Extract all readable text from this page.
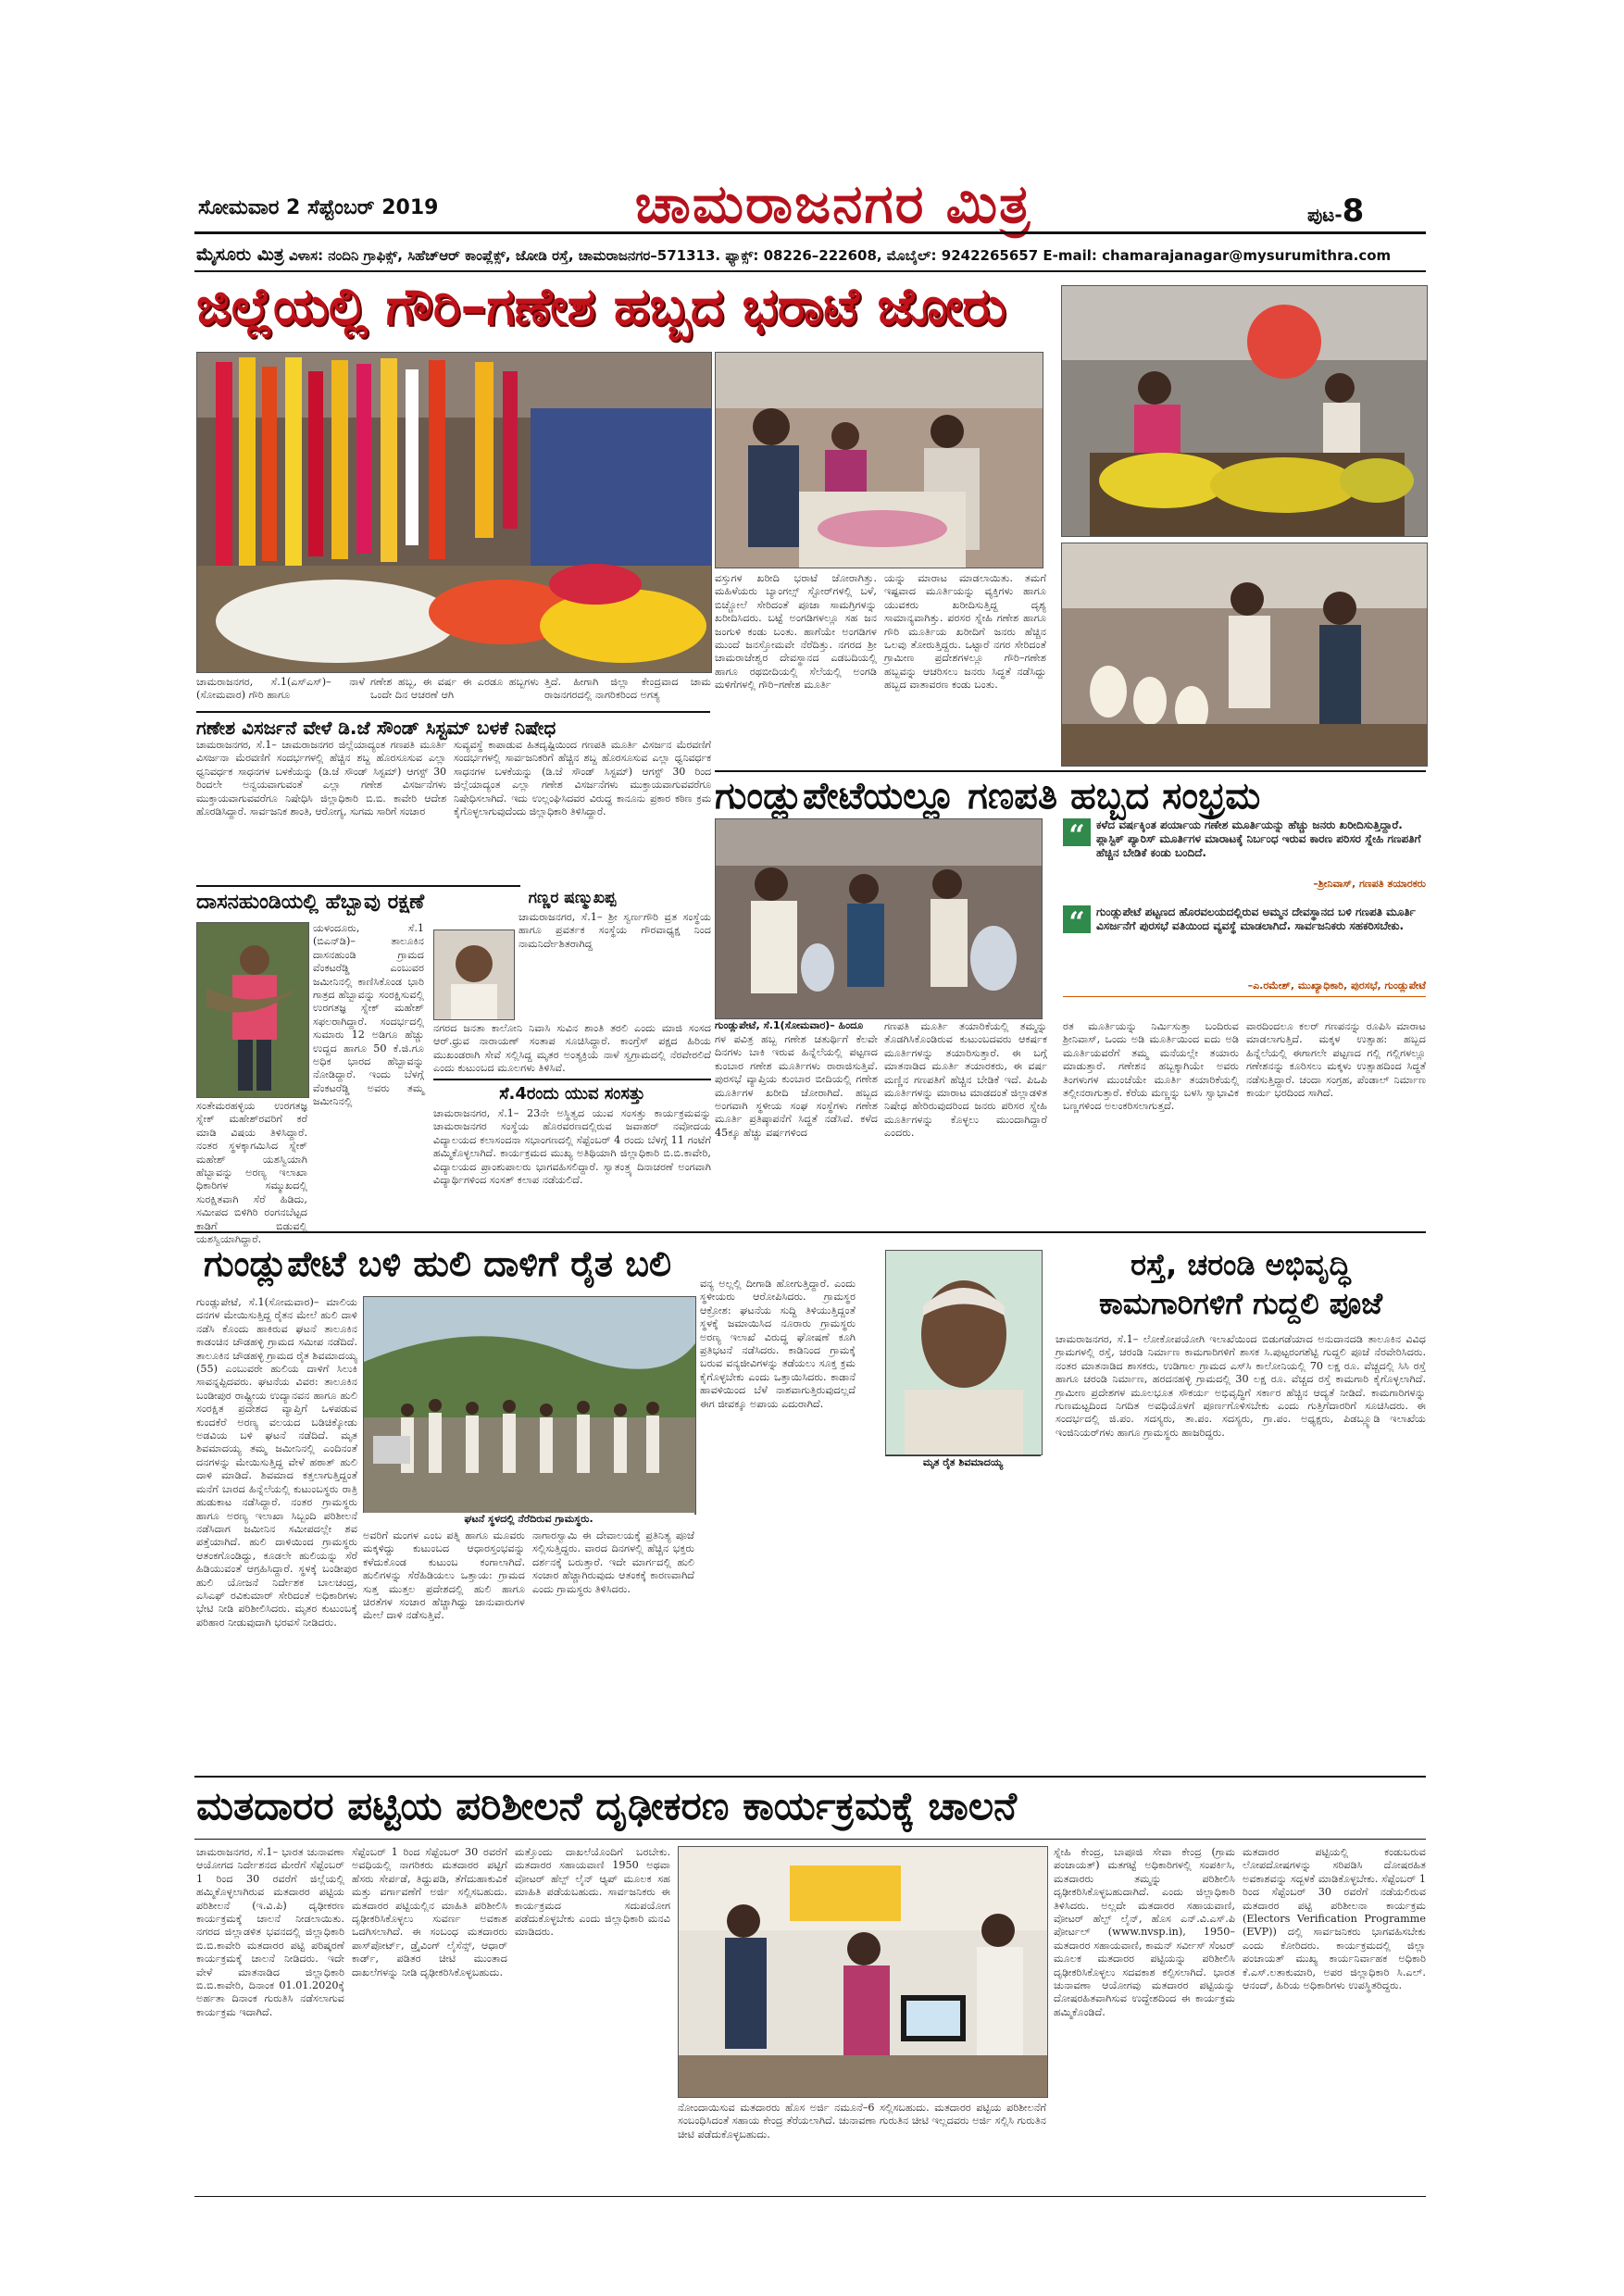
ಸೋಮವಾರ 2 ಸೆಪ್ಟೆಂಬರ್ 2019	ಚಾಮರಾಜನಗರ ಮಿತ್ರ	ಪುಟ-8
ಮೈಸೂರು ಮಿತ್ರ ವಿಳಾಸ: ನಂದಿನಿ ಗ್ರಾಫಿಕ್ಸ್, ಸಿಹೆಚ್‌ಆರ್ ಕಾಂಪ್ಲೆಕ್ಸ್, ಜೋಡಿ ರಸ್ತೆ, ಚಾಮರಾಜನಗರ–571313. ಫ್ಯಾಕ್ಸ್: 08226–222608, ಮೊಬೈಲ್: 9242265657 E-mail: chamarajanagar@mysurumithra.com
ಜಿಲ್ಲೆಯಲ್ಲಿ ಗೌರಿ–ಗಣೇಶ ಹಬ್ಬದ ಭರಾಟೆ ಜೋರು
ಚಾಮರಾಜನಗರ, ಸೆ.1(ಎಸ್‌ಎಸ್)– ನಾಳೆ (ಸೋಮವಾರ) ಗೌರಿ ಹಾಗೂ
ಗಣೇಶ ಹಬ್ಬ, ಈ ವರ್ಷ ಈ ಎರಡೂ ಹಬ್ಬಗಳು ಒಂದೇ ದಿನ ಆಚರಣೆ ಆಗಿ
ತ್ತಿದೆ. ಹೀಗಾಗಿ ಜಿಲ್ಲಾ ಕೇಂದ್ರವಾದ ಚಾಮ ರಾಜನಗರದಲ್ಲಿ ನಾಗರಿಕರಿಂದ ಅಗತ್ಯ
ವಸ್ತುಗಳ ಖರೀದಿ ಭರಾಟೆ ಜೋರಾಗಿತ್ತು. ಮಹಿಳೆಯರು ಬ್ಯಾಂಗಲ್ಸ್ ಸ್ಟೋರ್‌ಗಳಲ್ಲಿ ಬಳೆ, ಬಿಚ್ಚೋಲೆ ಸೇರಿದಂತೆ ಪೂಜಾ ಸಾಮಗ್ರಿಗಳನ್ನು ಖರೀದಿಸಿದರು. ಬಟ್ಟೆ ಅಂಗಡಿಗಳಲ್ಲೂ ಸಹ ಜನ ಜಂಗುಳಿ ಕಂಡು ಬಂತು. ಹಾಗೆಯೇ ಅಂಗಡಿಗಳ ಮುಂದೆ ಜನಸ್ತೋಮವೇ ನೆರೆದಿತ್ತು. ನಗರದ ಶ್ರೀ ಚಾಮರಾಜೇಶ್ವರ ದೇವಸ್ಥಾನದ ಎಡಬದಿಯಲ್ಲಿ ಹಾಗೂ ರಥಬೀದಿಯಲ್ಲಿ ಸೆಲೆಯಲ್ಲಿ ಅಂಗಡಿ ಮಳಿಗೆಗಳಲ್ಲಿ ಗೌರಿ–ಗಣೇಶ ಮೂರ್ತಿ
ಯನ್ನು ಮಾರಾಟ ಮಾಡಲಾಯಿತು. ತಮಗೆ ಇಷ್ಟವಾದ ಮೂರ್ತಿಯನ್ನು ವ್ಯಕ್ತಿಗಳು ಹಾಗೂ ಯುವಕರು ಖರೀದಿಸುತ್ತಿದ್ದ ದೃಶ್ಯ ಸಾಮಾನ್ಯವಾಗಿತ್ತು. ಪರಸರ ಸ್ನೇಹಿ ಗಣೇಶ ಹಾಗೂ ಗೌರಿ ಮೂರ್ತಿಯ ಖರೀದಿಗೆ ಜನರು ಹೆಚ್ಚಿನ ಒಲವು ತೋರುತ್ತಿದ್ದರು. ಒಟ್ಟಾರೆ ನಗರ ಸೇರಿದಂತೆ ಗ್ರಾಮೀಣ ಪ್ರದೇಶಗಳಲ್ಲೂ ಗೌರಿ–ಗಣೇಶ ಹಬ್ಬವನ್ನು ಆಚರಿಸಲು ಜನರು ಸಿದ್ಧತೆ ನಡೆಸಿದ್ದು ಹಬ್ಬದ ವಾತಾವರಣ ಕಂಡು ಬಂತು.
ಗಣೇಶ ವಿಸರ್ಜನೆ ವೇಳೆ ಡಿ.ಜೆ ಸೌಂಡ್ ಸಿಸ್ಟಮ್ ಬಳಕೆ ನಿಷೇಧ
ಚಾಮರಾಜನಗರ, ಸೆ.1– ಚಾಮರಾಜನಗರ ಜಿಲ್ಲೆಯಾದ್ಯಂತ ಗಣಪತಿ ಮೂರ್ತಿ ವಿಸರ್ಜನಾ ಮೆರವಣಿಗೆ ಸಂದರ್ಭಗಳಲ್ಲಿ ಹೆಚ್ಚಿನ ಶಬ್ದ ಹೊರಸೂಸುವ ಎಲ್ಲಾ ಧ್ವನಿವರ್ಧಕ ಸಾಧನಗಳ ಬಳಕೆಯನ್ನು (ಡಿ.ಜೆ ಸೌಂಡ್ ಸಿಸ್ಟಮ್) ಆಗಸ್ಟ್ 30 ರಿಂದಲೇ ಅನ್ವಯವಾಗುವಂತೆ ಎಲ್ಲಾ ಗಣೇಶ ವಿಸರ್ಜನೆಗಳು ಮುಕ್ತಾಯವಾಗುವವರೆಗೂ ನಿಷೇಧಿಸಿ ಜಿಲ್ಲಾಧಿಕಾರಿ ಬಿ.ಬಿ. ಕಾವೇರಿ ಆದೇಶ ಹೊರಡಿಸಿದ್ದಾರೆ. ಸಾರ್ವಜನಿಕ ಶಾಂತಿ, ಆರೋಗ್ಯ, ಸುಗಮ ಸಾರಿಗೆ ಸಂಚಾರ
ಸುವ್ಯವಸ್ಥೆ ಕಾಪಾಡುವ ಹಿತದೃಷ್ಟಿಯಿಂದ ಗಣಪತಿ ಮೂರ್ತಿ ವಿಸರ್ಜನ ಮೆರವಣಿಗೆ ಸಂದರ್ಭಗಳಲ್ಲಿ ಸಾರ್ವಜನಿಕರಿಗೆ ಹೆಚ್ಚಿನ ಶಬ್ದ ಹೊರಸೂಸುವ ಎಲ್ಲಾ ಧ್ವನಿವರ್ಧಕ ಸಾಧನಗಳ ಬಳಕೆಯನ್ನು (ಡಿ.ಜೆ ಸೌಂಡ್ ಸಿಸ್ಟಮ್) ಆಗಸ್ಟ್ 30 ರಿಂದ ಜಿಲ್ಲೆಯಾದ್ಯಂತ ಎಲ್ಲಾ ಗಣೇಶ ವಿಸರ್ಜನೆಗಳು ಮುಕ್ತಾಯವಾಗುವವರೆಗೂ ನಿಷೇಧಿಸಲಾಗಿದೆ. ಇದು ಉಲ್ಲಂಘಿಸಿದವರ ವಿರುದ್ಧ ಕಾನೂನು ಪ್ರಕಾರ ಕಠಿಣ ಕ್ರಮ ಕೈಗೊಳ್ಳಲಾಗುವುದೆಂದು ಜಿಲ್ಲಾಧಿಕಾರಿ ತಿಳಿಸಿದ್ದಾರೆ.	ಗುಂಡ್ಲುಪೇಟೆಯಲ್ಲೂ ಗಣಪತಿ ಹಬ್ಬದ ಸಂಭ್ರಮ
ಗುಂಡ್ಲುಪೇಟೆ, ಸೆ.1(ಸೋಮವಾರ)– ಹಿಂದೂ
“	ಕಳೆದ ವರ್ಷಕ್ಕಿಂತ ಪರ್ಯಾಯ ಗಣೇಶ ಮೂರ್ತಿಯನ್ನು ಹೆಚ್ಚು ಜನರು ಖರೀದಿಸುತ್ತಿದ್ದಾರೆ. ಪ್ಲಾಸ್ಟಿಕ್ ಪ್ಯಾರಿಸ್ ಮೂರ್ತಿಗಳ ಮಾರಾಟಕ್ಕೆ ನಿರ್ಬಂಧ ಇರುವ ಕಾರಣ ಪರಿಸರ ಸ್ನೇಹಿ ಗಣಪತಿಗೆ ಹೆಚ್ಚಿನ ಬೇಡಿಕೆ ಕಂಡು ಬಂದಿದೆ.
–ಶ್ರೀನಿವಾಸ್, ಗಣಪತಿ ತಯಾರಕರು
“	ಗುಂಡ್ಲುಪೇಟೆ ಪಟ್ಟಣದ ಹೊರವಲಯದಲ್ಲಿರುವ ಅಮ್ಮನ ದೇವಸ್ಥಾನದ ಬಳಿ ಗಣಪತಿ ಮೂರ್ತಿ ವಿಸರ್ಜನೆಗೆ ಪುರಸಭೆ ವತಿಯಿಂದ ವ್ಯವಸ್ಥೆ ಮಾಡಲಾಗಿದೆ. ಸಾರ್ವಜನಿಕರು ಸಹಕರಿಸಬೇಕು.
–ಎ.ರಮೇಶ್, ಮುಖ್ಯಾಧಿಕಾರಿ, ಪುರಸಭೆ, ಗುಂಡ್ಲುಪೇಟೆ
ಗಳ ಪವಿತ್ರ ಹಬ್ಬ ಗಣೇಶ ಚತುರ್ಥಿಗೆ ಕೆಲವೇ ದಿನಗಳು ಬಾಕಿ ಇರುವ ಹಿನ್ನೆಲೆಯಲ್ಲಿ ಪಟ್ಟಣದ ಕುಂಬಾರ ಗಣೇಶ ಮೂರ್ತಿಗಳು ರಾರಾಜಿಸುತ್ತಿವೆ. ಪುರಸಭೆ ವ್ಯಾಪ್ತಿಯ ಕುಂಬಾರ ಬೀದಿಯಲ್ಲಿ ಗಣೇಶ ಮೂರ್ತಿಗಳ ಖರೀದಿ ಜೋರಾಗಿದೆ. ಹಬ್ಬದ ಅಂಗವಾಗಿ ಸ್ಥಳೀಯ ಸಂಘ ಸಂಸ್ಥೆಗಳು ಗಣೇಶ ಮೂರ್ತಿ ಪ್ರತಿಷ್ಠಾಪನೆಗೆ ಸಿದ್ಧತೆ ನಡೆಸಿವೆ. ಕಳೆದ 45ಕ್ಕೂ ಹೆಚ್ಚು ವರ್ಷಗಳಿಂದ
ಗಣಪತಿ ಮೂರ್ತಿ ತಯಾರಿಕೆಯಲ್ಲಿ ತಮ್ಮನ್ನು ತೊಡಗಿಸಿಕೊಂಡಿರುವ ಕುಟುಂಬದವರು ಆಕರ್ಷಕ ಮೂರ್ತಿಗಳನ್ನು ತಯಾರಿಸುತ್ತಾರೆ. ಈ ಬಗ್ಗೆ ಮಾತನಾಡಿದ ಮೂರ್ತಿ ತಯಾರಕರು, ಈ ವರ್ಷ ಮಣ್ಣಿನ ಗಣಪತಿಗೆ ಹೆಚ್ಚಿನ ಬೇಡಿಕೆ ಇದೆ. ಪಿಒಪಿ ಮೂರ್ತಿಗಳನ್ನು ಮಾರಾಟ ಮಾಡದಂತೆ ಜಿಲ್ಲಾಡಳಿತ ನಿಷೇಧ ಹೇರಿರುವುದರಿಂದ ಜನರು ಪರಿಸರ ಸ್ನೇಹಿ ಮೂರ್ತಿಗಳನ್ನು ಕೊಳ್ಳಲು ಮುಂದಾಗಿದ್ದಾರೆ ಎಂದರು.
ರತ ಮೂರ್ತಿಯನ್ನು ನಿರ್ಮಿಸುತ್ತಾ ಬಂದಿರುವ ಶ್ರೀನಿವಾಸ್, ಒಂದು ಅಡಿ ಮೂರ್ತಿಯಿಂದ ಐದು ಅಡಿ ಮೂರ್ತಿಯವರೆಗೆ ತಮ್ಮ ಮನೆಯಲ್ಲೇ ತಯಾರು ಮಾಡುತ್ತಾರೆ. ಗಣೇಶನ ಹಬ್ಬಕ್ಕಾಗಿಯೇ ಅವರು ತಿಂಗಳುಗಳ ಮುಂಚೆಯೇ ಮೂರ್ತಿ ತಯಾರಿಕೆಯಲ್ಲಿ ತಲ್ಲೀನರಾಗುತ್ತಾರೆ. ಕೆರೆಯ ಮಣ್ಣನ್ನು ಬಳಸಿ ಸ್ವಾಭಾವಿಕ ಬಣ್ಣಗಳಿಂದ ಅಲಂಕರಿಸಲಾಗುತ್ತದೆ.
ವಾರದಿಂದಲೂ ಕಲರ್ ಗಣಪನನ್ನು ರೂಪಿಸಿ ಮಾರಾಟ ಮಾಡಲಾಗುತ್ತಿದೆ. ಮಕ್ಕಳ ಉತ್ಸಾಹ: ಹಬ್ಬದ ಹಿನ್ನೆಲೆಯಲ್ಲಿ ಈಗಾಗಲೇ ಪಟ್ಟಣದ ಗಲ್ಲಿ ಗಲ್ಲಿಗಳಲ್ಲೂ ಗಣೇಶನನ್ನು ಕೂರಿಸಲು ಮಕ್ಕಳು ಉತ್ಸಾಹದಿಂದ ಸಿದ್ಧತೆ ನಡೆಸುತ್ತಿದ್ದಾರೆ. ಚಂದಾ ಸಂಗ್ರಹ, ಪೆಂಡಾಲ್ ನಿರ್ಮಾಣ ಕಾರ್ಯ ಭರದಿಂದ ಸಾಗಿದೆ.
ದಾಸನಹುಂಡಿಯಲ್ಲಿ ಹೆಬ್ಬಾವು ರಕ್ಷಣೆ
ಯಳಂದೂರು, ಸೆ.1 (ಬಿಎನ್‌ಡಿ)– ತಾಲೂಕಿನ ದಾಸನಹುಂಡಿ ಗ್ರಾಮದ ವೆಂಕಟರೆಡ್ಡಿ ಎಂಬುವರ ಜಮೀನಿನಲ್ಲಿ ಕಾಣಿಸಿಕೊಂಡ ಭಾರಿ ಗಾತ್ರದ ಹೆಬ್ಬಾವನ್ನು ಸಂರಕ್ಷಿಸುವಲ್ಲಿ ಉರಗತಜ್ಞ ಸ್ನೇಕ್ ಮಹೇಶ್ ಸಫಲರಾಗಿದ್ದಾರೆ. ಸಂದರ್ಭದಲ್ಲಿ ಸುಮಾರು 12 ಅಡಿಗೂ ಹೆಚ್ಚು ಉದ್ದದ ಹಾಗೂ 50 ಕೆ.ಜಿ.ಗೂ ಅಧಿಕ ಭಾರದ ಹೆಬ್ಬಾವನ್ನು ನೋಡಿದ್ದಾರೆ. ಇಂದು ಬೆಳಗ್ಗೆ ವೆಂಕಟರೆಡ್ಡಿ ಅವರು ತಮ್ಮ ಜಮೀನಿನಲ್ಲಿ
ಸಂತೇಮರಹಳ್ಳಿಯ ಉರಗತಜ್ಞ ಸ್ನೇಕ್ ಮಹೇಶ್‌ರವರಿಗೆ ಕರೆ ಮಾಡಿ ವಿಷಯ ತಿಳಿಸಿದ್ದಾರೆ. ನಂತರ ಸ್ಥಳಕ್ಕಾಗಮಿಸಿದ ಸ್ನೇಕ್ ಮಹೇಶ್ ಯಶಸ್ವಿಯಾಗಿ ಹೆಬ್ಬಾವನ್ನು ಅರಣ್ಯ ಇಲಾಖಾ ಧಿಕಾರಿಗಳ ಸಮ್ಮುಖದಲ್ಲಿ ಸುರಕ್ಷಿತವಾಗಿ ಸೆರೆ ಹಿಡಿದು, ಸಮೀಪದ ಬಿಳಿಗಿರಿ ರಂಗನಬೆಟ್ಟದ ಕಾಡಿಗೆ ಬಿಡುವಲ್ಲಿ ಯಶಸ್ವಿಯಾಗಿದ್ದಾರೆ.
ಗಣ್ಣರ ಷಣ್ಮುಖಪ್ಪ
ಚಾಮರಾಜನಗರ, ಸೆ.1– ಶ್ರೀ ಸ್ವರ್ಣಗೌರಿ ವ್ರತ ಸಂಸ್ಥೆಯ ಹಾಗೂ ಪ್ರವರ್ತಕ ಸಂಸ್ಥೆಯ ಗೌರವಾಧ್ಯಕ್ಷ ನಿಂದ ನಾಮನಿರ್ದೇಶಿತರಾಗಿದ್ದ
ನಗರದ ಜನತಾ ಕಾಲೋನಿ ನಿವಾಸಿ ಸುವಿನ ಶಾಂತಿ ತರಲಿ ಎಂದು ಮಾಜಿ ಸಂಸದ ಆರ್.ಧ್ರುವ ನಾರಾಯಣ್ ಸಂತಾಪ ಸೂಚಿಸಿದ್ದಾರೆ. ಕಾಂಗ್ರೆಸ್ ಪಕ್ಷದ ಹಿರಿಯ ಮುಖಂಡರಾಗಿ ಸೇವೆ ಸಲ್ಲಿಸಿದ್ದ ಮೃತರ ಅಂತ್ಯಕ್ರಿಯೆ ನಾಳೆ ಸ್ವಗ್ರಾಮದಲ್ಲಿ ನೆರವೇರಲಿದೆ ಎಂದು ಕುಟುಂಬದ ಮೂಲಗಳು ತಿಳಿಸಿವೆ.
ಸೆ.4ರಂದು ಯುವ ಸಂಸತ್ತು
ಚಾಮರಾಜನಗರ, ಸೆ.1– 23ನೇ ಅಸ್ಥಿತ್ವದ ಯುವ ಸಂಸತ್ತು ಕಾರ್ಯಕ್ರಮವನ್ನು ಚಾಮರಾಜನಗರ ಸಂಸ್ಥೆಯ ಹೊರವರಣದಲ್ಲಿರುವ ಜವಾಹರ್ ನವೋದಯ ವಿದ್ಯಾಲಯದ ಕಲಾಸಂದನಾ ಸಭಾಂಗಣದಲ್ಲಿ ಸೆಪ್ಟೆಂಬರ್ 4 ರಂದು ಬೆಳಗ್ಗೆ 11 ಗಂಟೆಗೆ ಹಮ್ಮಿಕೊಳ್ಳಲಾಗಿದೆ. ಕಾರ್ಯಕ್ರಮದ ಮುಖ್ಯ ಅತಿಥಿಯಾಗಿ ಜಿಲ್ಲಾಧಿಕಾರಿ ಬಿ.ಬಿ.ಕಾವೇರಿ, ವಿದ್ಯಾಲಯದ ಪ್ರಾಂಶುಪಾಲರು ಭಾಗವಹಿಸಲಿದ್ದಾರೆ. ಸ್ವಾತಂತ್ರ್ಯ ದಿನಾಚರಣೆ ಅಂಗವಾಗಿ ವಿದ್ಯಾರ್ಥಿಗಳಿಂದ ಸಂಸತ್ ಕಲಾಪ ನಡೆಯಲಿದೆ.
ಗುಂಡ್ಲುಪೇಟೆ ಬಳಿ ಹುಲಿ ದಾಳಿಗೆ ರೈತ ಬಲಿ
ಗುಂಡ್ಲುಪೇಟೆ, ಸೆ.1(ಸೋಮವಾರ)– ಮಾಲಿಯ ದನಗಳ ಮೇಯಿಸುತ್ತಿದ್ದ ರೈತನ ಮೇಲೆ ಹುಲಿ ದಾಳಿ ನಡೆಸಿ ಕೊಂದು ಹಾಕಿರುವ ಘಟನೆ ತಾಲೂಕಿನ ಕಾಡಂಚಿನ ಚೌಡಹಳ್ಳಿ ಗ್ರಾಮದ ಸಮೀಪ ನಡೆದಿದೆ. ತಾಲೂಕಿನ ಚೌಡಹಳ್ಳಿ ಗ್ರಾಮದ ರೈತ ಶಿವಮಾದಯ್ಯ (55) ಎಂಬುವರೇ ಹುಲಿಯ ದಾಳಿಗೆ ಸಿಲುಕಿ ಸಾವನ್ನಪ್ಪಿದವರು. ಘಟನೆಯ ವಿವರ: ತಾಲೂಕಿನ ಬಂಡೀಪುರ ರಾಷ್ಟ್ರೀಯ ಉದ್ಯಾನವನ ಹಾಗೂ ಹುಲಿ ಸಂರಕ್ಷಿತ ಪ್ರದೇಶದ ವ್ಯಾಪ್ತಿಗೆ ಒಳಪಡುವ ಕುಂದಕೆರೆ ಅರಣ್ಯ ವಲಯದ ಬಡಿಚಿಕ್ಕೋಡು ಅಡವಿಯ ಬಳಿ ಘಟನೆ ನಡೆದಿದೆ. ಮೃತ ಶಿವಮಾದಯ್ಯ ತಮ್ಮ ಜಮೀನಿನಲ್ಲಿ ಎಂದಿನಂತೆ ದನಗಳನ್ನು ಮೇಯಿಸುತ್ತಿದ್ದ ವೇಳೆ ಹಠಾತ್ ಹುಲಿ ದಾಳಿ ಮಾಡಿದೆ. ಶಿವಮಾದ ಕತ್ತಲಾಗುತ್ತಿದ್ದಂತೆ ಮನೆಗೆ ಬಾರದ ಹಿನ್ನೆಲೆಯಲ್ಲಿ ಕುಟುಂಬಸ್ಥರು ರಾತ್ರಿ ಹುಡುಕಾಟ ನಡೆಸಿದ್ದಾರೆ. ನಂತರ ಗ್ರಾಮಸ್ಥರು ಹಾಗೂ ಅರಣ್ಯ ಇಲಾಖಾ ಸಿಬ್ಬಂದಿ ಪರಿಶೀಲನೆ ನಡೆಸಿದಾಗ ಜಮೀನಿನ ಸಮೀಪದಲ್ಲೇ ಶವ ಪತ್ತೆಯಾಗಿದೆ. ಹುಲಿ ದಾಳಿಯಿಂದ ಗ್ರಾಮಸ್ಥರು ಆತಂಕಗೊಂಡಿದ್ದು, ಕೂಡಲೇ ಹುಲಿಯನ್ನು ಸೆರೆ ಹಿಡಿಯುವಂತೆ ಆಗ್ರಹಿಸಿದ್ದಾರೆ. ಸ್ಥಳಕ್ಕೆ ಬಂಡೀಪುರ ಹುಲಿ ಯೋಜನೆ ನಿರ್ದೇಶಕ ಬಾಲಚಂದ್ರ, ಎಸಿಎಫ್ ರವಿಕುಮಾರ್ ಸೇರಿದಂತೆ ಅಧಿಕಾರಿಗಳು ಭೇಟಿ ನೀಡಿ ಪರಿಶೀಲಿಸಿದರು. ಮೃತರ ಕುಟುಂಬಕ್ಕೆ ಪರಿಹಾರ ನೀಡುವುದಾಗಿ ಭರವಸೆ ನೀಡಿದರು.
ಘಟನೆ ಸ್ಥಳದಲ್ಲಿ ನೆರೆದಿರುವ ಗ್ರಾಮಸ್ಥರು.
ಅವರಿಗೆ ಮಂಗಳ ಎಂಬ ಪತ್ನಿ ಹಾಗೂ ಮೂವರು ಮಕ್ಕಳಿದ್ದು ಕುಟುಂಬದ ಆಧಾರಸ್ತಂಭವನ್ನು ಕಳೆದುಕೊಂಡ ಕುಟುಂಬ ಕಂಗಾಲಾಗಿದೆ. ಹುಲಿಗಳನ್ನು ಸೆರೆಹಿಡಿಯಲು ಒತ್ತಾಯ: ಗ್ರಾಮದ ಸುತ್ತ ಮುತ್ತಲ ಪ್ರದೇಶದಲ್ಲಿ ಹುಲಿ ಹಾಗೂ ಚಿರತೆಗಳ ಸಂಚಾರ ಹೆಚ್ಚಾಗಿದ್ದು ಜಾನುವಾರುಗಳ ಮೇಲೆ ದಾಳಿ ನಡೆಸುತ್ತಿವೆ.
ನಾಗಾರಸ್ವಾಮಿ ಈ ದೇವಾಲಯಕ್ಕೆ ಪ್ರತಿನಿತ್ಯ ಪೂಜೆ ಸಲ್ಲಿಸುತ್ತಿದ್ದರು. ವಾರದ ದಿನಗಳಲ್ಲಿ ಹೆಚ್ಚಿನ ಭಕ್ತರು ದರ್ಶನಕ್ಕೆ ಬರುತ್ತಾರೆ. ಇದೇ ಮಾರ್ಗದಲ್ಲಿ ಹುಲಿ ಸಂಚಾರ ಹೆಚ್ಚಾಗಿರುವುದು ಆತಂಕಕ್ಕೆ ಕಾರಣವಾಗಿದೆ ಎಂದು ಗ್ರಾಮಸ್ಥರು ತಿಳಿಸಿದರು.
ವನ್ಯ ಅಲ್ಲಲ್ಲಿ ದೀಗಾಡಿ ಹೋಗುತ್ತಿದ್ದಾರೆ. ಎಂದು ಸ್ಥಳೀಯರು ಆರೋಪಿಸಿದರು. ಗ್ರಾಮಸ್ಥರ ಆಕ್ರೋಶ: ಘಟನೆಯ ಸುದ್ದಿ ತಿಳಿಯುತ್ತಿದ್ದಂತೆ ಸ್ಥಳಕ್ಕೆ ಜಮಾಯಿಸಿದ ನೂರಾರು ಗ್ರಾಮಸ್ಥರು ಅರಣ್ಯ ಇಲಾಖೆ ವಿರುದ್ಧ ಘೋಷಣೆ ಕೂಗಿ ಪ್ರತಿಭಟನೆ ನಡೆಸಿದರು. ಕಾಡಿನಿಂದ ಗ್ರಾಮಕ್ಕೆ ಬರುವ ವನ್ಯಜೀವಿಗಳನ್ನು ತಡೆಯಲು ಸೂಕ್ತ ಕ್ರಮ ಕೈಗೊಳ್ಳಬೇಕು ಎಂದು ಒತ್ತಾಯಿಸಿದರು. ಕಾಡಾನೆ ಹಾವಳಿಯಿಂದ ಬೆಳೆ ನಾಶವಾಗುತ್ತಿರುವುದಲ್ಲದೆ ಈಗ ಜೀವಕ್ಕೂ ಅಪಾಯ ಎದುರಾಗಿದೆ.
ಮೃತ ರೈತ ಶಿವಮಾದಯ್ಯ
ರಸ್ತೆ, ಚರಂಡಿ ಅಭಿವೃದ್ಧಿ
ಕಾಮಗಾರಿಗಳಿಗೆ ಗುದ್ದಲಿ ಪೂಜೆ
ಚಾಮರಾಜನಗರ, ಸೆ.1– ಲೋಕೋಪಯೋಗಿ ಇಲಾಖೆಯಿಂದ ಬಿಡುಗಡೆಯಾದ ಅನುದಾನದಡಿ ತಾಲೂಕಿನ ವಿವಿಧ ಗ್ರಾಮಗಳಲ್ಲಿ ರಸ್ತೆ, ಚರಂಡಿ ನಿರ್ಮಾಣ ಕಾಮಗಾರಿಗಳಿಗೆ ಶಾಸಕ ಸಿ.ಪುಟ್ಟರಂಗಶೆಟ್ಟಿ ಗುದ್ದಲಿ ಪೂಜೆ ನೆರವೇರಿಸಿದರು. ನಂತರ ಮಾತನಾಡಿದ ಶಾಸಕರು, ಉಡಿಗಾಲ ಗ್ರಾಮದ ಎಸ್‌ಸಿ ಕಾಲೋನಿಯಲ್ಲಿ 70 ಲಕ್ಷ ರೂ. ವೆಚ್ಚದಲ್ಲಿ ಸಿಸಿ ರಸ್ತೆ ಹಾಗೂ ಚರಂಡಿ ನಿರ್ಮಾಣ, ಹರದನಹಳ್ಳಿ ಗ್ರಾಮದಲ್ಲಿ 30 ಲಕ್ಷ ರೂ. ವೆಚ್ಚದ ರಸ್ತೆ ಕಾಮಗಾರಿ ಕೈಗೊಳ್ಳಲಾಗಿದೆ. ಗ್ರಾಮೀಣ ಪ್ರದೇಶಗಳ ಮೂಲಭೂತ ಸೌಕರ್ಯ ಅಭಿವೃದ್ಧಿಗೆ ಸರ್ಕಾರ ಹೆಚ್ಚಿನ ಆದ್ಯತೆ ನೀಡಿದೆ. ಕಾಮಗಾರಿಗಳನ್ನು ಗುಣಮಟ್ಟದಿಂದ ನಿಗದಿತ ಅವಧಿಯೊಳಗೆ ಪೂರ್ಣಗೊಳಿಸಬೇಕು ಎಂದು ಗುತ್ತಿಗೆದಾರರಿಗೆ ಸೂಚಿಸಿದರು. ಈ ಸಂದರ್ಭದಲ್ಲಿ ಜಿ.ಪಂ. ಸದಸ್ಯರು, ತಾ.ಪಂ. ಸದಸ್ಯರು, ಗ್ರಾ.ಪಂ. ಅಧ್ಯಕ್ಷರು, ಪಿಡಬ್ಲ್ಯೂಡಿ ಇಲಾಖೆಯ ಇಂಜಿನಿಯರ್‌ಗಳು ಹಾಗೂ ಗ್ರಾಮಸ್ಥರು ಹಾಜರಿದ್ದರು.
ಮತದಾರರ ಪಟ್ಟಿಯ ಪರಿಶೀಲನೆ ದೃಢೀಕರಣ ಕಾರ್ಯಕ್ರಮಕ್ಕೆ ಚಾಲನೆ
ಚಾಮರಾಜನಗರ, ಸೆ.1– ಭಾರತ ಚುನಾವಣಾ ಆಯೋಗದ ನಿರ್ದೇಶನದ ಮೇರೆಗೆ ಸೆಪ್ಟೆಂಬರ್ 1 ರಿಂದ 30 ರವರೆಗೆ ಜಿಲ್ಲೆಯಲ್ಲಿ ಹಮ್ಮಿಕೊಳ್ಳಲಾಗಿರುವ ಮತದಾರರ ಪಟ್ಟಿಯ ಪರಿಶೀಲನೆ (ಇ.ವಿ.ಪಿ) ದೃಢೀಕರಣ ಕಾರ್ಯಕ್ರಮಕ್ಕೆ ಚಾಲನೆ ನೀಡಲಾಯಿತು. ನಗರದ ಜಿಲ್ಲಾಡಳಿತ ಭವನದಲ್ಲಿ ಜಿಲ್ಲಾಧಿಕಾರಿ ಬಿ.ಬಿ.ಕಾವೇರಿ ಮತದಾರರ ಪಟ್ಟಿ ಪರಿಷ್ಕರಣೆ ಕಾರ್ಯಕ್ರಮಕ್ಕೆ ಚಾಲನೆ ನೀಡಿದರು. ಇದೇ ವೇಳೆ ಮಾತನಾಡಿದ ಜಿಲ್ಲಾಧಿಕಾರಿ ಬಿ.ಬಿ.ಕಾವೇರಿ, ದಿನಾಂಕ 01.01.2020ಕ್ಕೆ ಅರ್ಹತಾ ದಿನಾಂಕ ಗುರುತಿಸಿ ನಡೆಸಲಾಗುವ ಕಾರ್ಯಕ್ರಮ ಇದಾಗಿದೆ.
ಸೆಪ್ಟೆಂಬರ್ 1 ರಿಂದ ಸೆಪ್ಟೆಂಬರ್ 30 ರವರೆಗೆ ಅವಧಿಯಲ್ಲಿ ನಾಗರಿಕರು ಮತದಾರರ ಪಟ್ಟಿಗೆ ಹೆಸರು ಸೇರ್ಪಡೆ, ತಿದ್ದುಪಡಿ, ತೆಗೆದುಹಾಕುವಿಕೆ ಮತ್ತು ವರ್ಗಾವಣೆಗೆ ಅರ್ಜಿ ಸಲ್ಲಿಸಬಹುದು. ಮತದಾರರ ಪಟ್ಟಿಯಲ್ಲಿನ ಮಾಹಿತಿ ಪರಿಶೀಲಿಸಿ ದೃಢೀಕರಿಸಿಕೊಳ್ಳಲು ಸುವರ್ಣ ಅವಕಾಶ ಒದಗಿಸಲಾಗಿದೆ. ಈ ಸಂಬಂಧ ಮತದಾರರು ಪಾಸ್‌ಪೋರ್ಟ್, ಡ್ರೈವಿಂಗ್ ಲೈಸೆನ್ಸ್, ಆಧಾರ್ ಕಾರ್ಡ್, ಪಡಿತರ ಚೀಟಿ ಮುಂತಾದ ದಾಖಲೆಗಳನ್ನು ನೀಡಿ ದೃಢೀಕರಿಸಿಕೊಳ್ಳಬಹುದು.
ಮತ್ತೊಂದು ದಾಖಲೆಯೊಂದಿಗೆ ಬರಬೇಕು. ಮತದಾರರ ಸಹಾಯವಾಣಿ 1950 ಅಥವಾ ವೋಟರ್ ಹೆಲ್ಪ್ ಲೈನ್ ಆ್ಯಪ್ ಮೂಲಕ ಸಹ ಮಾಹಿತಿ ಪಡೆಯಬಹುದು. ಸಾರ್ವಜನಿಕರು ಈ ಕಾರ್ಯಕ್ರಮದ ಸದುಪಯೋಗ ಪಡೆದುಕೊಳ್ಳಬೇಕು ಎಂದು ಜಿಲ್ಲಾಧಿಕಾರಿ ಮನವಿ ಮಾಡಿದರು.
ನೋಂದಾಯಿಸುವ ಮತದಾರರು ಹೊಸ ಅರ್ಜಿ ನಮೂನೆ–6 ಸಲ್ಲಿಸಬಹುದು. ಮತದಾರರ ಪಟ್ಟಿಯ ಪರಿಶೀಲನೆಗೆ ಸಂಬಂಧಿಸಿದಂತೆ ಸಹಾಯ ಕೇಂದ್ರ ತೆರೆಯಲಾಗಿದೆ. ಚುನಾವಣಾ ಗುರುತಿನ ಚೀಟಿ ಇಲ್ಲದವರು ಅರ್ಜಿ ಸಲ್ಲಿಸಿ ಗುರುತಿನ ಚೀಟಿ ಪಡೆದುಕೊಳ್ಳಬಹುದು.
ಸ್ನೇಹಿ ಕೇಂದ್ರ, ಬಾಪೂಜಿ ಸೇವಾ ಕೇಂದ್ರ (ಗ್ರಾಮ ಪಂಚಾಯತ್) ಮತಗಟ್ಟೆ ಅಧಿಕಾರಿಗಳಲ್ಲಿ ಸಂಪರ್ಕಿಸಿ, ಮತದಾರರು ತಮ್ಮನ್ನು ಪರಿಶೀಲಿಸಿ ದೃಢೀಕರಿಸಿಕೊಳ್ಳಬಹುದಾಗಿದೆ. ಎಂದು ಜಿಲ್ಲಾಧಿಕಾರಿ ತಿಳಿಸಿದರು. ಅಲ್ಲದೇ ಮತದಾರರ ಸಹಾಯವಾಣಿ, ವೋಟರ್ ಹೆಲ್ಪ್ ಲೈನ್, ಹೊಸ ಎನ್.ವಿ.ಎಸ್.ಪಿ ಪೋರ್ಟಲ್ (www.nvsp.in), 1950–ಮತದಾರರ ಸಹಾಯವಾಣಿ, ಕಾಮನ್ ಸರ್ವೀಸ್ ಸೆಂಟರ್ ಮೂಲಕ ಮತದಾರರ ಪಟ್ಟಿಯನ್ನು ಪರಿಶೀಲಿಸಿ ದೃಢೀಕರಿಸಿಕೊಳ್ಳಲು ಸದವಕಾಶ ಕಲ್ಪಿಸಲಾಗಿದೆ. ಭಾರತ ಚುನಾವಣಾ ಆಯೋಗವು ಮತದಾರರ ಪಟ್ಟಿಯನ್ನು ದೋಷರಹಿತವಾಗಿಸುವ ಉದ್ದೇಶದಿಂದ ಈ ಕಾರ್ಯಕ್ರಮ ಹಮ್ಮಿಕೊಂಡಿದೆ.
ಮತದಾರರ ಪಟ್ಟಿಯಲ್ಲಿ ಕಂಡುಬರುವ ಲೋಪದೋಷಗಳನ್ನು ಸರಿಪಡಿಸಿ ದೋಷರಹಿತ ಅವಕಾಶವನ್ನು ಸದ್ಬಳಕೆ ಮಾಡಿಕೊಳ್ಳಬೇಕು. ಸೆಪ್ಟೆಂಬರ್ 1 ರಿಂದ ಸೆಪ್ಟೆಂಬರ್ 30 ರವರೆಗೆ ನಡೆಯಲಿರುವ ಮತದಾರರ ಪಟ್ಟಿ ಪರಿಶೀಲನಾ ಕಾರ್ಯಕ್ರಮ (Electors Verification Programme (EVP)) ದಲ್ಲಿ ಸಾರ್ವಜನಿಕರು ಭಾಗವಹಿಸಬೇಕು ಎಂದು ಕೋರಿದರು. ಕಾರ್ಯಕ್ರಮದಲ್ಲಿ ಜಿಲ್ಲಾ ಪಂಚಾಯತ್ ಮುಖ್ಯ ಕಾರ್ಯನಿರ್ವಾಹಕ ಅಧಿಕಾರಿ ಕೆ.ಎಸ್.ಲತಾಕುಮಾರಿ, ಅಪರ ಜಿಲ್ಲಾಧಿಕಾರಿ ಸಿ.ಎಲ್. ಆನಂದ್, ಹಿರಿಯ ಅಧಿಕಾರಿಗಳು ಉಪಸ್ಥಿತರಿದ್ದರು.
